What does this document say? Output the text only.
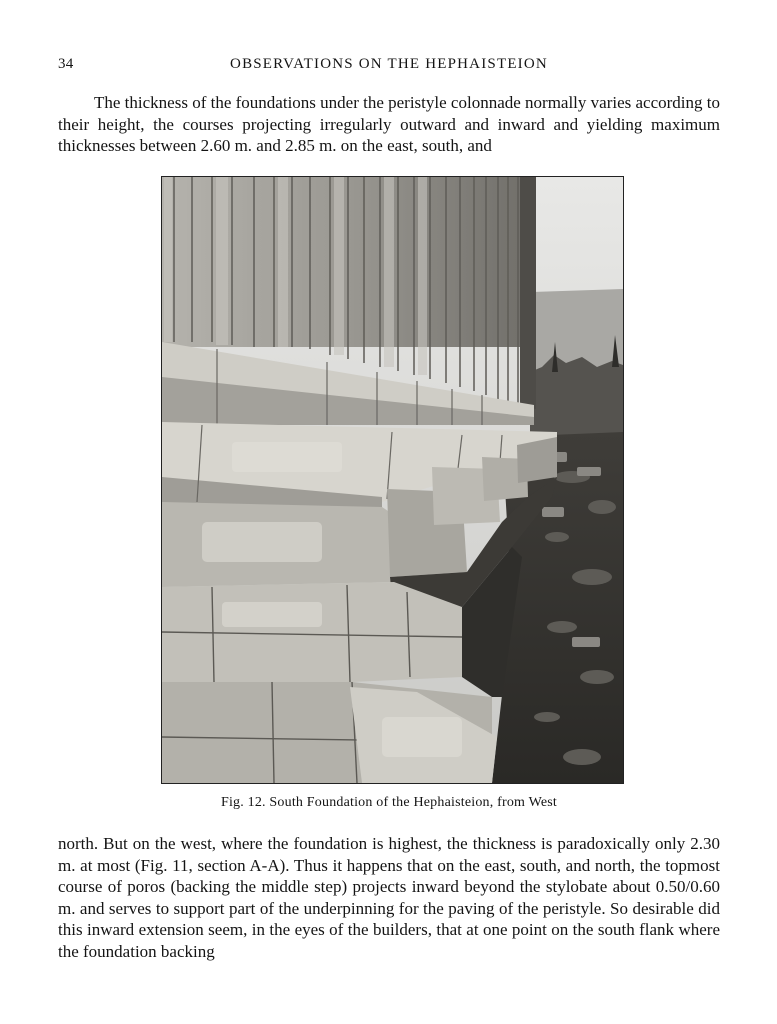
34	OBSERVATIONS ON THE HEPHAISTEION

The thickness of the foundations under the peristyle colonnade normally varies according to their height, the courses projecting irregularly outward and inward and yielding maximum thicknesses between 2.60 m. and 2.85 m. on the east, south, and

Fig. 12. South Foundation of the Hephaisteion, from West

north. But on the west, where the foundation is highest, the thickness is paradoxically only 2.30 m. at most (Fig. 11, section A-A). Thus it happens that on the east, south, and north, the topmost course of poros (backing the middle step) projects inward beyond the stylobate about 0.50/0.60 m. and serves to support part of the underpinning for the paving of the peristyle. So desirable did this inward extension seem, in the eyes of the builders, that at one point on the south flank where the foundation backing
